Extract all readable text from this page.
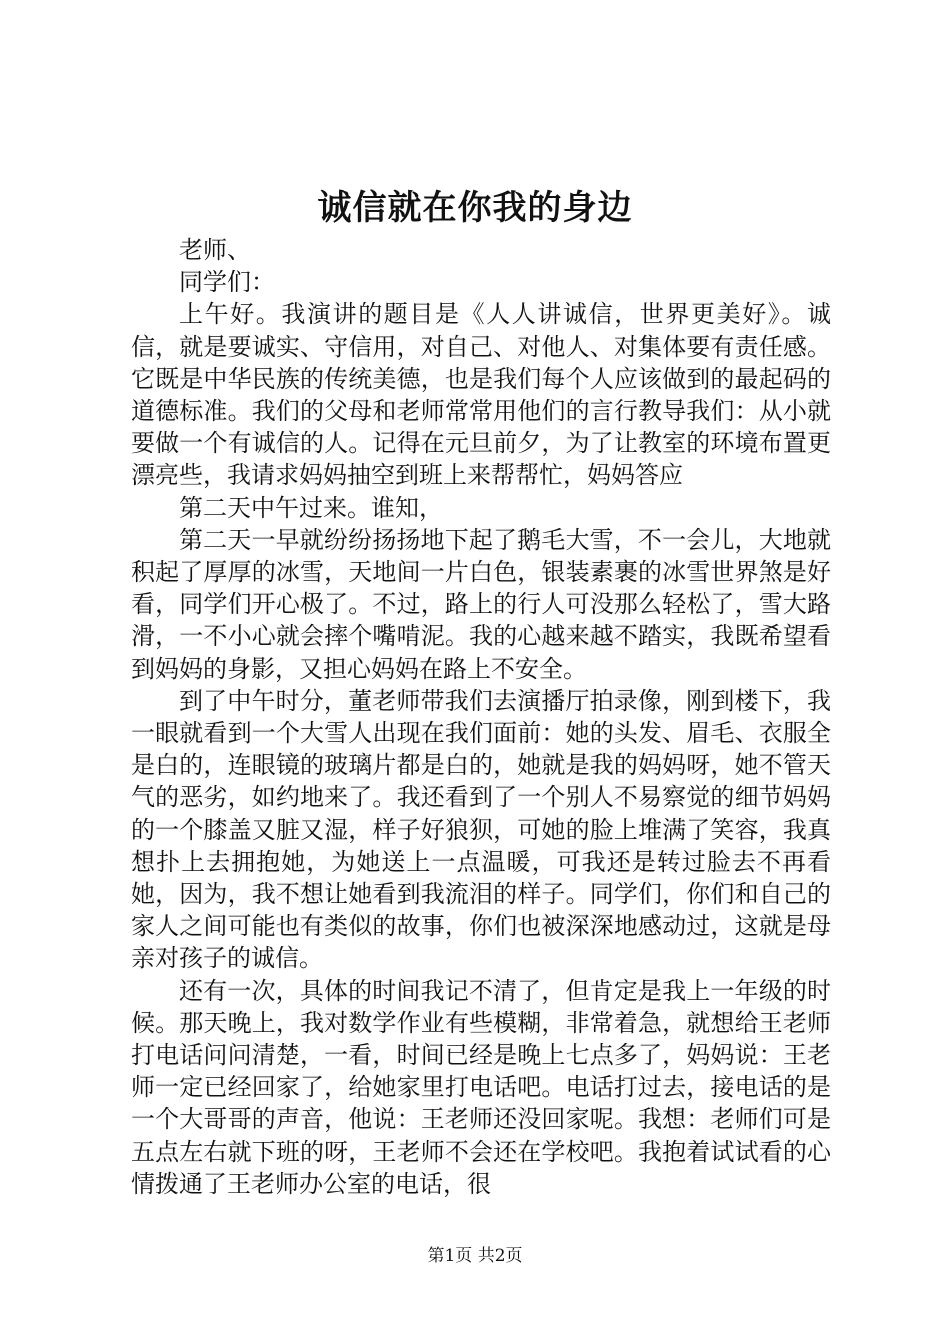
诚信就在你我的身边

老师、

同学们：

上午好。我演讲的题目是《人人讲诚信，世界更美好》。诚信，就是要诚实、守信用，对自己、对他人、对集体要有责任感。它既是中华民族的传统美德，也是我们每个人应该做到的最起码的道德标准。我们的父母和老师常常用他们的言行教导我们：从小就要做一个有诚信的人。记得在元旦前夕，为了让教室的环境布置更漂亮些，我请求妈妈抽空到班上来帮帮忙，妈妈答应

第二天中午过来。谁知，

第二天一早就纷纷扬扬地下起了鹅毛大雪，不一会儿，大地就积起了厚厚的冰雪，天地间一片白色，银装素裹的冰雪世界煞是好看，同学们开心极了。不过，路上的行人可没那么轻松了，雪大路滑，一不小心就会摔个嘴啃泥。我的心越来越不踏实，我既希望看到妈妈的身影，又担心妈妈在路上不安全。

到了中午时分，董老师带我们去演播厅拍录像，刚到楼下，我一眼就看到一个大雪人出现在我们面前：她的头发、眉毛、衣服全是白的，连眼镜的玻璃片都是白的，她就是我的妈妈呀，她不管天气的恶劣，如约地来了。我还看到了一个别人不易察觉的细节妈妈的一个膝盖又脏又湿，样子好狼狈，可她的脸上堆满了笑容，我真想扑上去拥抱她，为她送上一点温暖，可我还是转过脸去不再看她，因为，我不想让她看到我流泪的样子。同学们，你们和自己的家人之间可能也有类似的故事，你们也被深深地感动过，这就是母亲对孩子的诚信。

还有一次，具体的时间我记不清了，但肯定是我上一年级的时候。那天晚上，我对数学作业有些模糊，非常着急，就想给王老师打电话问问清楚，一看，时间已经是晚上七点多了，妈妈说：王老师一定已经回家了，给她家里打电话吧。电话打过去，接电话的是一个大哥哥的声音，他说：王老师还没回家呢。我想：老师们可是五点左右就下班的呀，王老师不会还在学校吧。我抱着试试看的心情拨通了王老师办公室的电话，很

第1页 共2页
